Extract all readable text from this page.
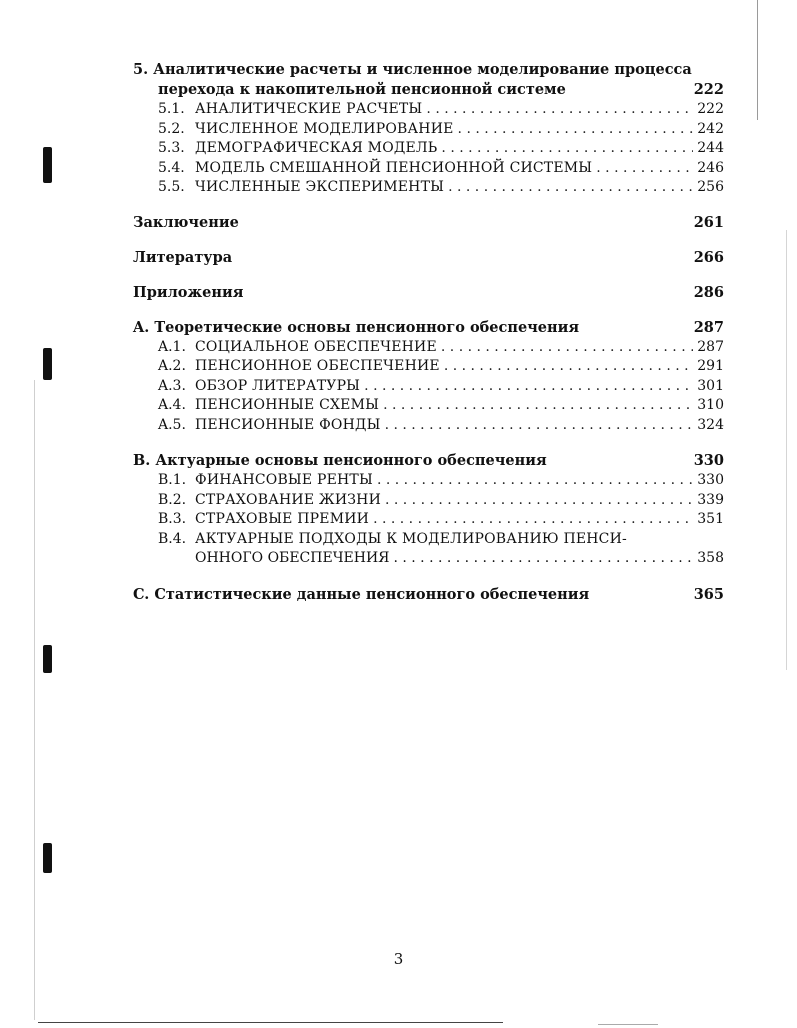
5. Аналитические расчеты и численное моделирование процесса
перехода к накопительной пенсионной системе	222
5.1. АНАЛИТИЧЕСКИЕ РАСЧЕТЫ . . .	222
5.2. ЧИСЛЕННОЕ МОДЕЛИРОВАНИЕ . . .	242
5.3. ДЕМОГРАФИЧЕСКАЯ МОДЕЛЬ . . .	244
5.4. МОДЕЛЬ СМЕШАННОЙ ПЕНСИОННОЙ СИСТЕМЫ . . .	246
5.5. ЧИСЛЕННЫЕ ЭКСПЕРИМЕНТЫ . . .	256
Заключение	261
Литература	266
Приложения	286
A. Теоретические основы пенсионного обеспечения	287
A.1. СОЦИАЛЬНОЕ ОБЕСПЕЧЕНИЕ . . .	287
A.2. ПЕНСИОННОЕ ОБЕСПЕЧЕНИЕ . . .	291
A.3. ОБЗОР ЛИТЕРАТУРЫ . . .	301
A.4. ПЕНСИОННЫЕ СХЕМЫ . . .	310
A.5. ПЕНСИОННЫЕ ФОНДЫ . . .	324
B. Актуарные основы пенсионного обеспечения	330
B.1. ФИНАНСОВЫЕ РЕНТЫ . . .	330
B.2. СТРАХОВАНИЕ ЖИЗНИ . . .	339
B.3. СТРАХОВЫЕ ПРЕМИИ . . .	351
B.4. АКТУАРНЫЕ ПОДХОДЫ К МОДЕЛИРОВАНИЮ ПЕНСИ-
ОННОГО ОБЕСПЕЧЕНИЯ . . .	358
C. Статистические данные пенсионного обеспечения	365
3
